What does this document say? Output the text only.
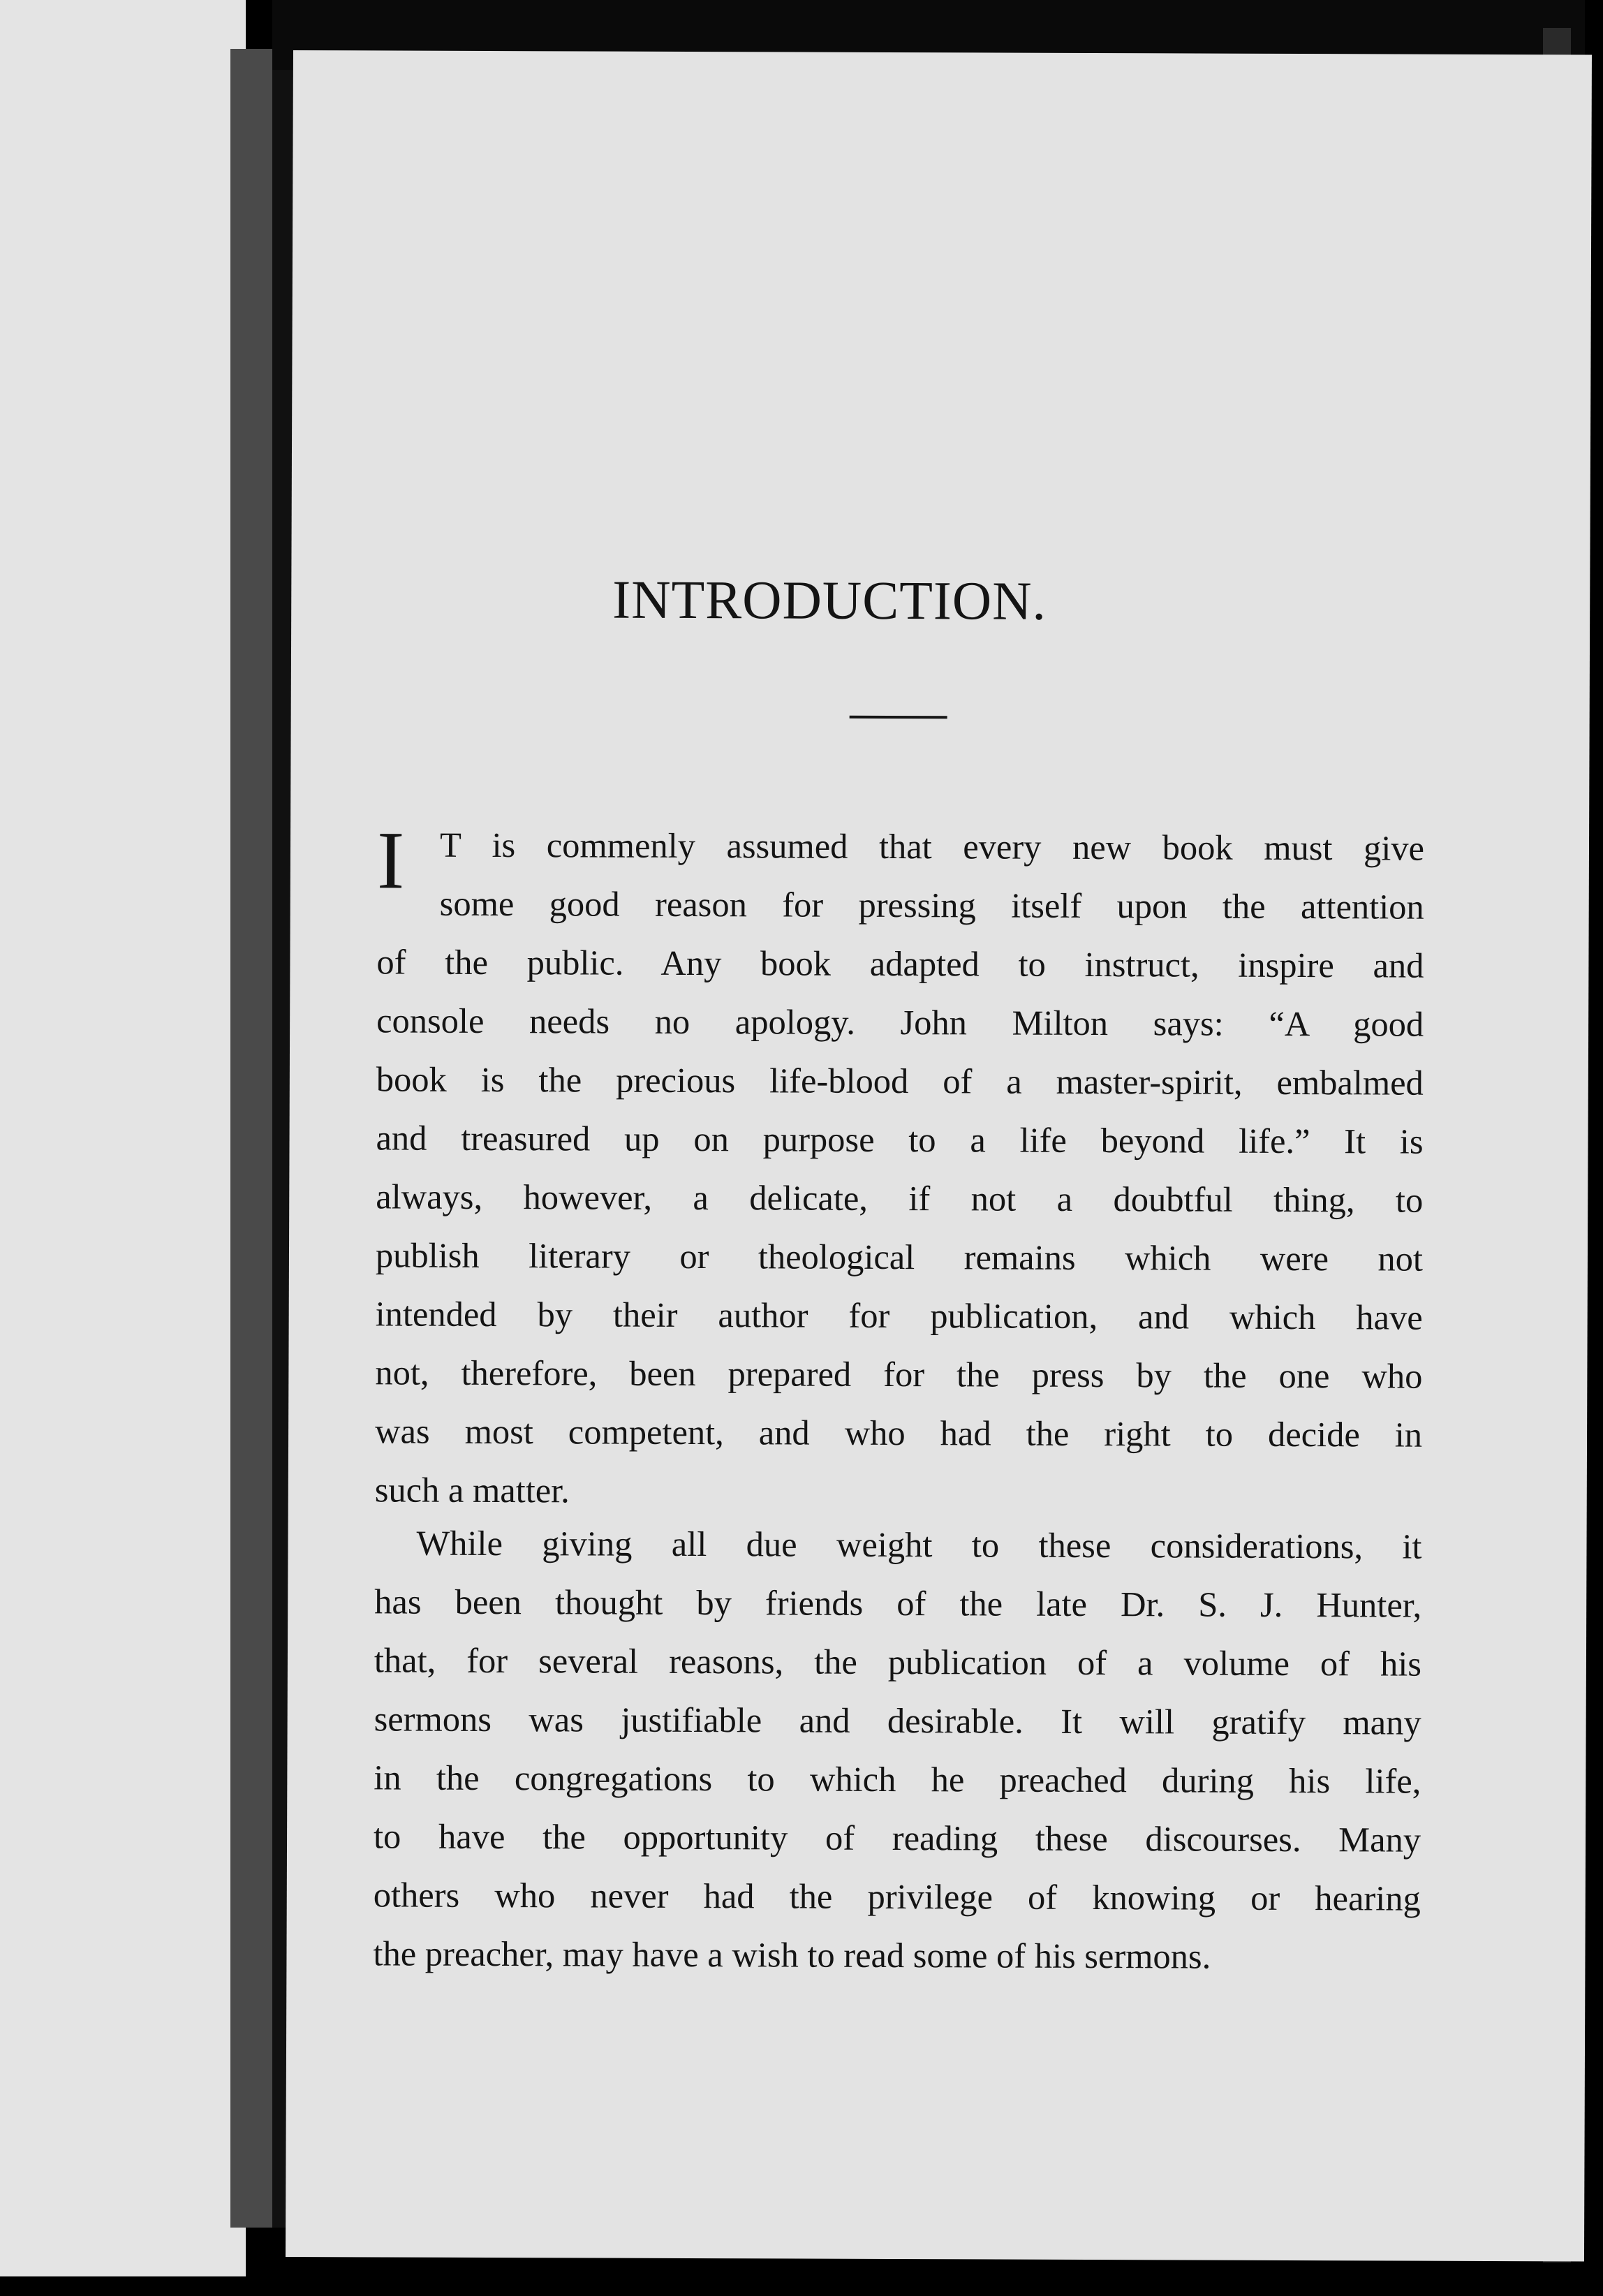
INTRODUCTION.
I T is commenly assumed that every new book must give
some good reason for pressing itself upon the attention
of the public. Any book adapted to instruct, inspire and
console needs no apology. John Milton says: “A good
book is the precious life-blood of a master-spirit, embalmed
and treasured up on purpose to a life beyond life.” It is
always, however, a delicate, if not a doubtful thing, to
publish literary or theological remains which were not
intended by their author for publication, and which have
not, therefore, been prepared for the press by the one who
was most competent, and who had the right to decide in
such a matter.
While giving all due weight to these considerations, it
has been thought by friends of the late Dr. S. J. Hunter,
that, for several reasons, the publication of a volume of his
sermons was justifiable and desirable. It will gratify many
in the congregations to which he preached during his life,
to have the opportunity of reading these discourses. Many
others who never had the privilege of knowing or hearing
the preacher, may have a wish to read some of his sermons.
